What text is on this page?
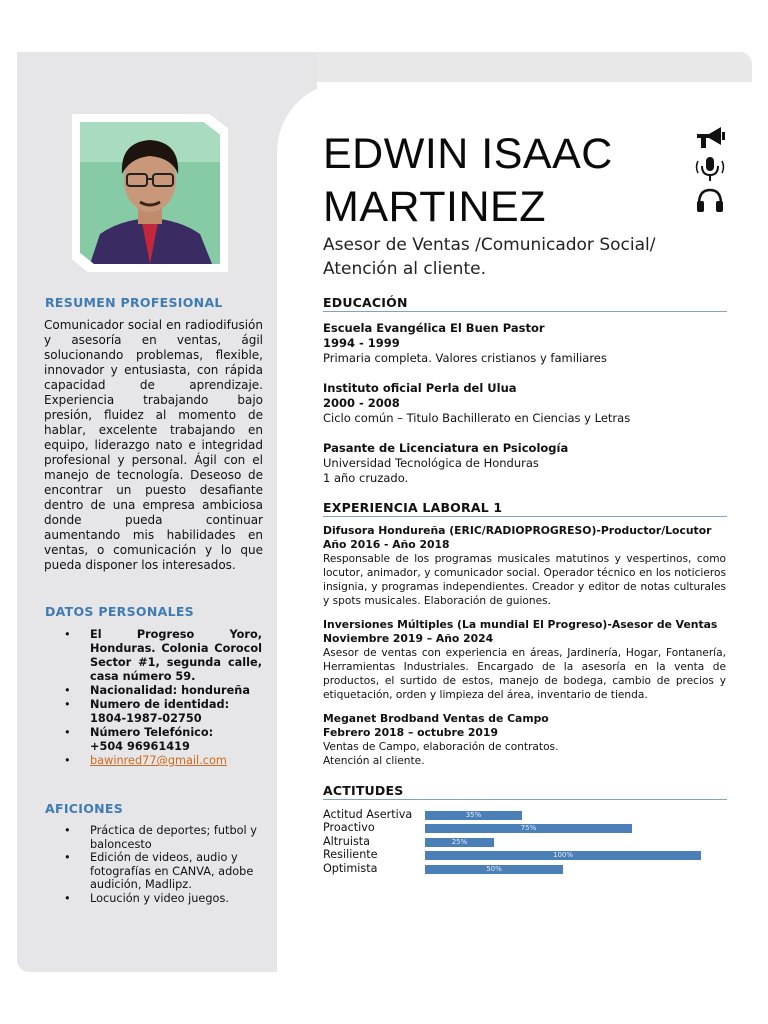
EDWIN ISAAC
MARTINEZ
Asesor de Ventas /Comunicador Social/
Atención al cliente.
RESUMEN PROFESIONAL
Comunicador social en radiodifusión y asesoría en ventas, ágil solucionando problemas, flexible, innovador y entusiasta, con rápida capacidad de aprendizaje. Experiencia trabajando bajo presión, fluidez al momento de hablar, excelente trabajando en equipo, liderazgo nato e integridad profesional y personal. Ágil con el manejo de tecnología. Deseoso de encontrar un puesto desafiante dentro de una empresa ambiciosa donde pueda continuar aumentando mis habilidades en ventas, o comunicación y lo que pueda disponer los interesados.
DATOS PERSONALES
• El Progreso Yoro, Honduras. Colonia Corocol Sector #1, segunda calle, casa número 59.
• Nacionalidad: hondureña
• Numero de identidad:
1804-1987-02750
• Número Telefónico:
+504 96961419
• bawinred77@gmail.com
AFICIONES
• Práctica de deportes; futbol y baloncesto
• Edición de videos, audio y fotografías en CANVA, adobe audición, Madlipz.
• Locución y video juegos.
EDUCACIÓN
Escuela Evangélica El Buen Pastor
1994 - 1999
Primaria completa. Valores cristianos y familiares
Instituto oficial Perla del Ulua
2000 - 2008
Ciclo común – Titulo Bachillerato en Ciencias y Letras
Pasante de Licenciatura en Psicología
Universidad Tecnológica de Honduras
1 año cruzado.
EXPERIENCIA LABORAL 1
Difusora Hondureña (ERIC/RADIOPROGRESO)-Productor/Locutor
Año 2016 - Año 2018
Responsable de los programas musicales matutinos y vespertinos, como locutor, animador, y comunicador social. Operador técnico en los noticieros insignia, y programas independientes. Creador y editor de notas culturales y spots musicales. Elaboración de guiones.
Inversiones Múltiples (La mundial El Progreso)-Asesor de Ventas
Noviembre 2019 – Año 2024
Asesor de ventas con experiencia en áreas, Jardinería, Hogar, Fontanería, Herramientas Industriales. Encargado de la asesoría en la venta de productos, el surtido de estos, manejo de bodega, cambio de precios y etiquetación, orden y limpieza del área, inventario de tienda.
Meganet Brodband Ventas de Campo
Febrero 2018 – octubre 2019
Ventas de Campo, elaboración de contratos.
Atención al cliente.
ACTITUDES
Actitud Asertiva	35%
Proactivo	75%
Altruista	25%
Resiliente	100%
Optimista	50%
